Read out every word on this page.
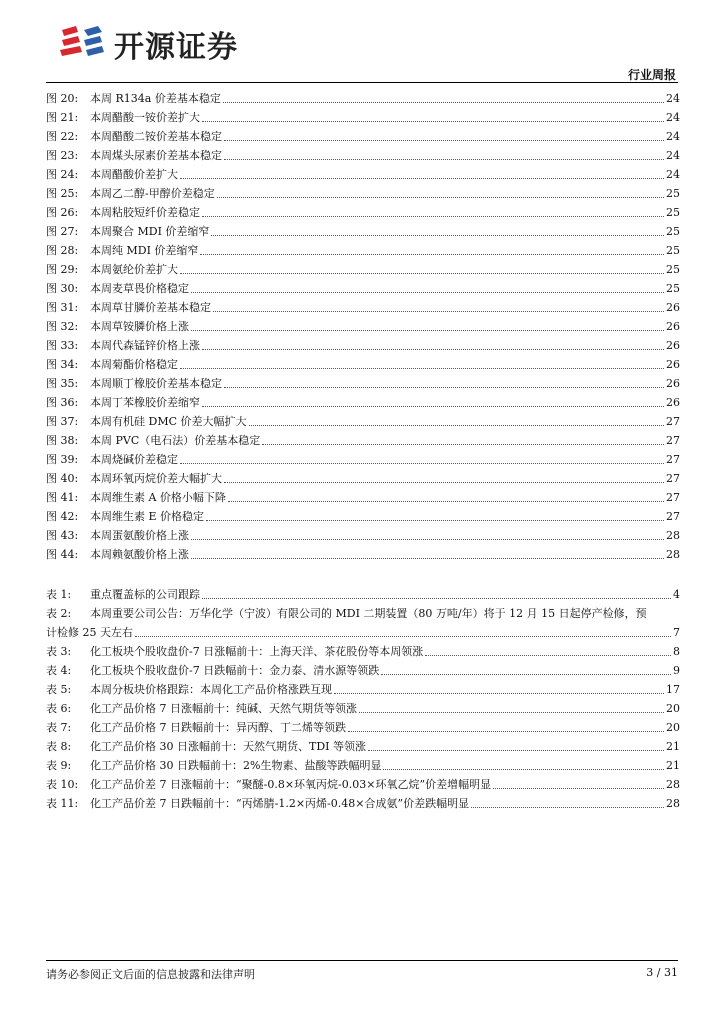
开源证券
行业周报
图 20:	本周 R134a 价差基本稳定	24
图 21:	本周醋酸一铵价差扩大	24
图 22:	本周醋酸二铵价差基本稳定	24
图 23:	本周煤头尿素价差基本稳定	24
图 24:	本周醋酸价差扩大	24
图 25:	本周乙二醇-甲醇价差稳定	25
图 26:	本周粘胶短纤价差稳定	25
图 27:	本周聚合 MDI 价差缩窄	25
图 28:	本周纯 MDI 价差缩窄	25
图 29:	本周氨纶价差扩大	25
图 30:	本周麦草畏价格稳定	25
图 31:	本周草甘膦价差基本稳定	26
图 32:	本周草铵膦价格上涨	26
图 33:	本周代森锰锌价格上涨	26
图 34:	本周菊酯价格稳定	26
图 35:	本周顺丁橡胶价差基本稳定	26
图 36:	本周丁苯橡胶价差缩窄	26
图 37:	本周有机硅 DMC 价差大幅扩大	27
图 38:	本周 PVC（电石法）价差基本稳定	27
图 39:	本周烧碱价差稳定	27
图 40:	本周环氧丙烷价差大幅扩大	27
图 41:	本周维生素 A 价格小幅下降	27
图 42:	本周维生素 E 价格稳定	27
图 43:	本周蛋氨酸价格上涨	28
图 44:	本周赖氨酸价格上涨	28
表 1:	重点覆盖标的公司跟踪	4
表 2:	本周重要公司公告：万华化学（宁波）有限公司的 MDI 二期装置（80 万吨/年）将于 12 月 15 日起停产检修，预
计检修 25 天左右	7
表 3:	化工板块个股收盘价-7 日涨幅前十：上海天洋、茶花股份等本周领涨	8
表 4:	化工板块个股收盘价-7 日跌幅前十：金力泰、清水源等领跌	9
表 5:	本周分板块价格跟踪：本周化工产品价格涨跌互现	17
表 6:	化工产品价格 7 日涨幅前十：纯碱、天然气期货等领涨	20
表 7:	化工产品价格 7 日跌幅前十：异丙醇、丁二烯等领跌	20
表 8:	化工产品价格 30 日涨幅前十：天然气期货、TDI 等领涨	21
表 9:	化工产品价格 30 日跌幅前十：2%生物素、盐酸等跌幅明显	21
表 10:	化工产品价差 7 日涨幅前十：“聚醚-0.8×环氧丙烷-0.03×环氧乙烷”价差增幅明显	28
表 11:	化工产品价差 7 日跌幅前十：“丙烯腈-1.2×丙烯-0.48×合成氨”价差跌幅明显	28
请务必参阅正文后面的信息披露和法律声明	3 / 31
